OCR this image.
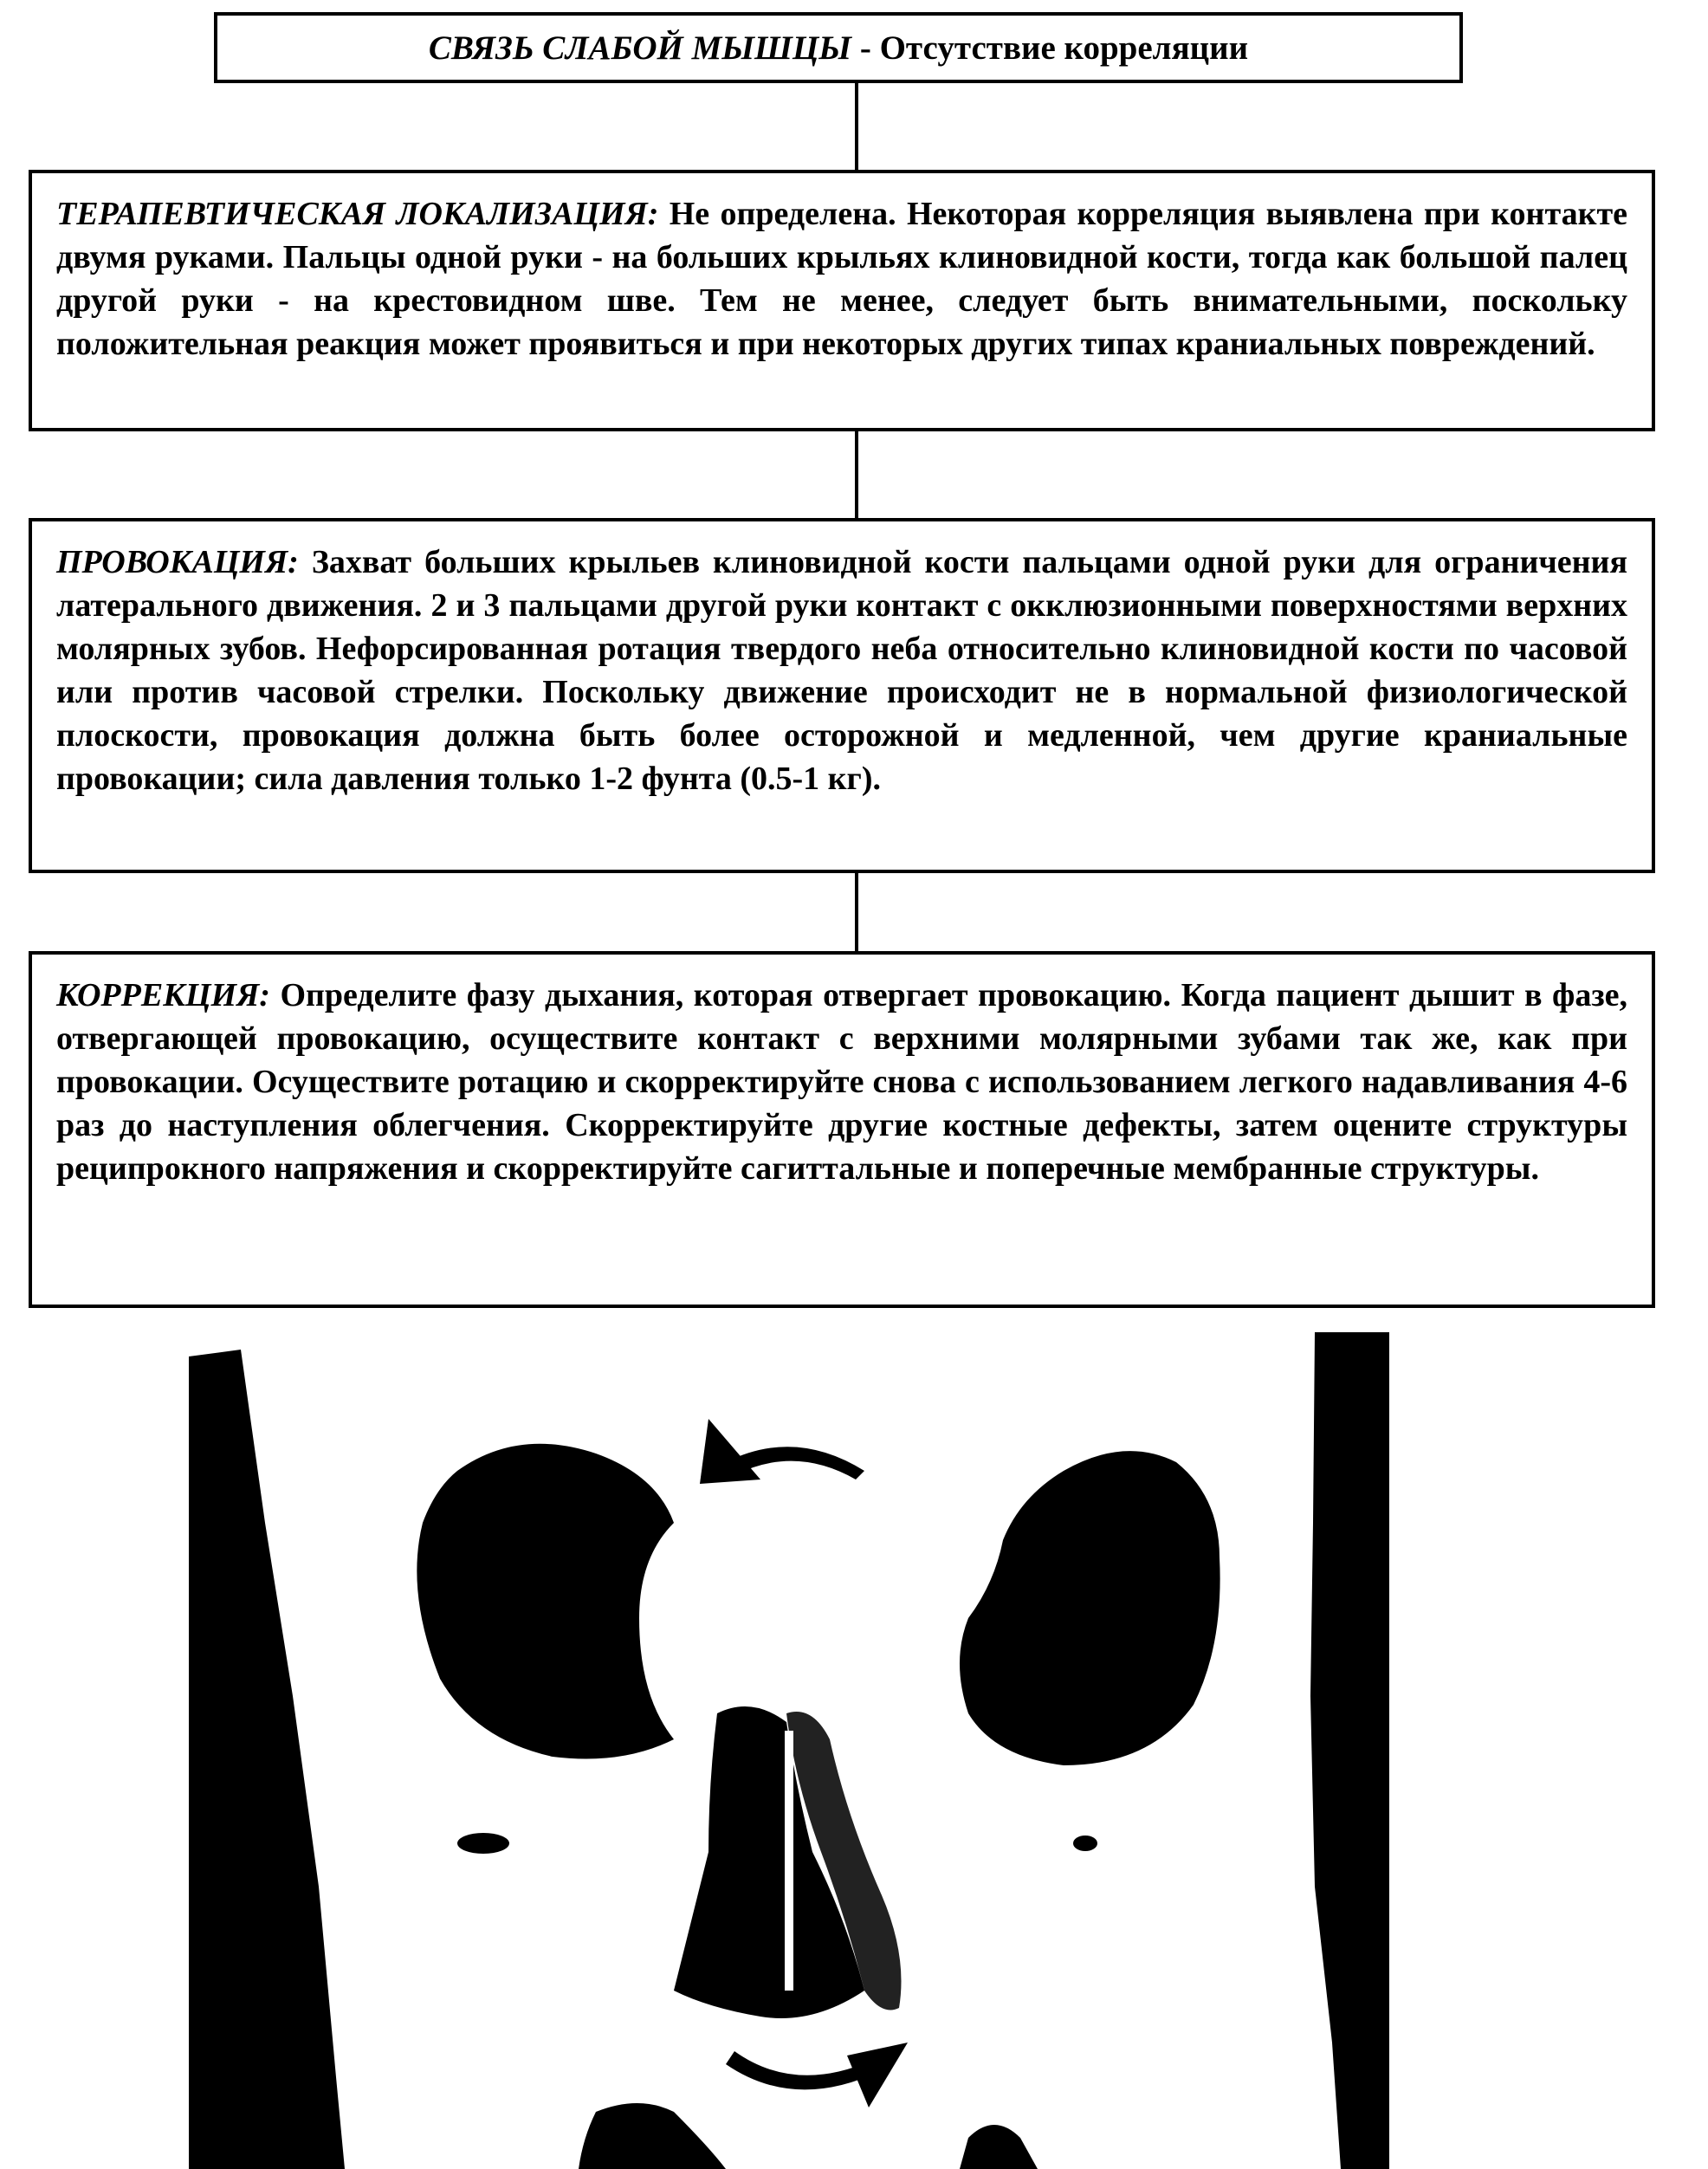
СВЯЗЬ СЛАБОЙ МЫШЦЫ - Отсутствие корреляции
ТЕРАПЕВТИЧЕСКАЯ ЛОКАЛИЗАЦИЯ: Не определена. Некоторая корреляция выявлена при контакте двумя руками. Пальцы одной руки - на больших крыльях клиновидной кости, тогда как большой палец другой руки - на крестовидном шве. Тем не менее, следует быть внимательными, поскольку положительная реакция может проявиться и при некоторых других типах краниальных повреждений.
ПРОВОКАЦИЯ: Захват больших крыльев клиновидной кости пальцами одной руки для ограничения латерального движения. 2 и 3 пальцами другой руки контакт с окклюзионными поверхностями верхних молярных зубов. Нефорсированная ротация твердого неба относительно клиновидной кости по часовой или против часовой стрелки. Поскольку движение происходит не в нормальной физиологической плоскости, провокация должна быть более осторожной и медленной, чем другие краниальные провокации; сила давления только 1-2 фунта (0.5-1 кг).
КОРРЕКЦИЯ: Определите фазу дыхания, которая отвергает провокацию. Когда пациент дышит в фазе, отвергающей провокацию, осуществите контакт с верхними молярными зубами так же, как при провокации. Осуществите ротацию и скорректируйте снова с использованием легкого надавливания 4-6 раз до наступления облегчения. Скорректируйте другие костные дефекты, затем оцените структуры реципрокного напряжения и скорректируйте сагиттальные и поперечные мембранные структуры.
